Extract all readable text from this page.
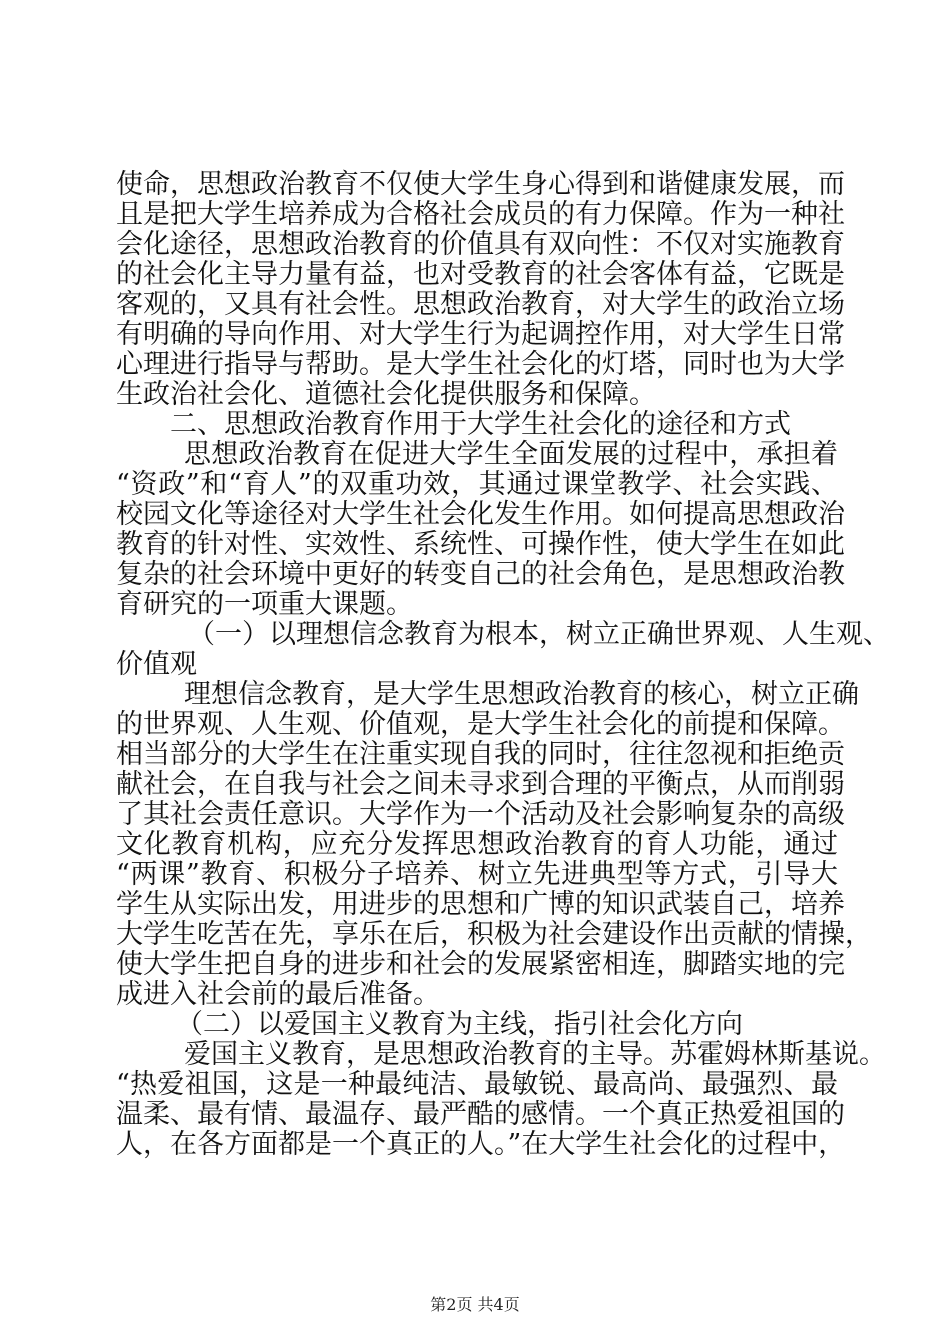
使命，思想政治教育不仅使大学生身心得到和谐健康发展，而
且是把大学生培养成为合格社会成员的有力保障。作为一种社
会化途径，思想政治教育的价值具有双向性：不仅对实施教育
的社会化主导力量有益，也对受教育的社会客体有益，它既是
客观的，又具有社会性。思想政治教育，对大学生的政治立场
有明确的导向作用、对大学生行为起调控作用，对大学生日常
心理进行指导与帮助。是大学生社会化的灯塔，同时也为大学
生政治社会化、道德社会化提供服务和保障。
二、思想政治教育作用于大学生社会化的途径和方式
思想政治教育在促进大学生全面发展的过程中，承担着
“资政”和“育人”的双重功效，其通过课堂教学、社会实践、
校园文化等途径对大学生社会化发生作用。如何提高思想政治
教育的针对性、实效性、系统性、可操作性，使大学生在如此
复杂的社会环境中更好的转变自己的社会角色，是思想政治教
育研究的一项重大课题。
（一）以理想信念教育为根本，树立正确世界观、人生观、
价值观
理想信念教育，是大学生思想政治教育的核心，树立正确
的世界观、人生观、价值观，是大学生社会化的前提和保障。
相当部分的大学生在注重实现自我的同时，往往忽视和拒绝贡
献社会，在自我与社会之间未寻求到合理的平衡点，从而削弱
了其社会责任意识。大学作为一个活动及社会影响复杂的高级
文化教育机构，应充分发挥思想政治教育的育人功能，通过
“两课”教育、积极分子培养、树立先进典型等方式，引导大
学生从实际出发，用进步的思想和广博的知识武装自己，培养
大学生吃苦在先，享乐在后，积极为社会建设作出贡献的情操，
使大学生把自身的进步和社会的发展紧密相连，脚踏实地的完
成进入社会前的最后准备。
（二）以爱国主义教育为主线，指引社会化方向
爱国主义教育，是思想政治教育的主导。苏霍姆林斯基说。
“热爱祖国，这是一种最纯洁、最敏锐、最高尚、最强烈、最
温柔、最有情、最温存、最严酷的感情。一个真正热爱祖国的
人，在各方面都是一个真正的人。”在大学生社会化的过程中，
第2页 共4页
